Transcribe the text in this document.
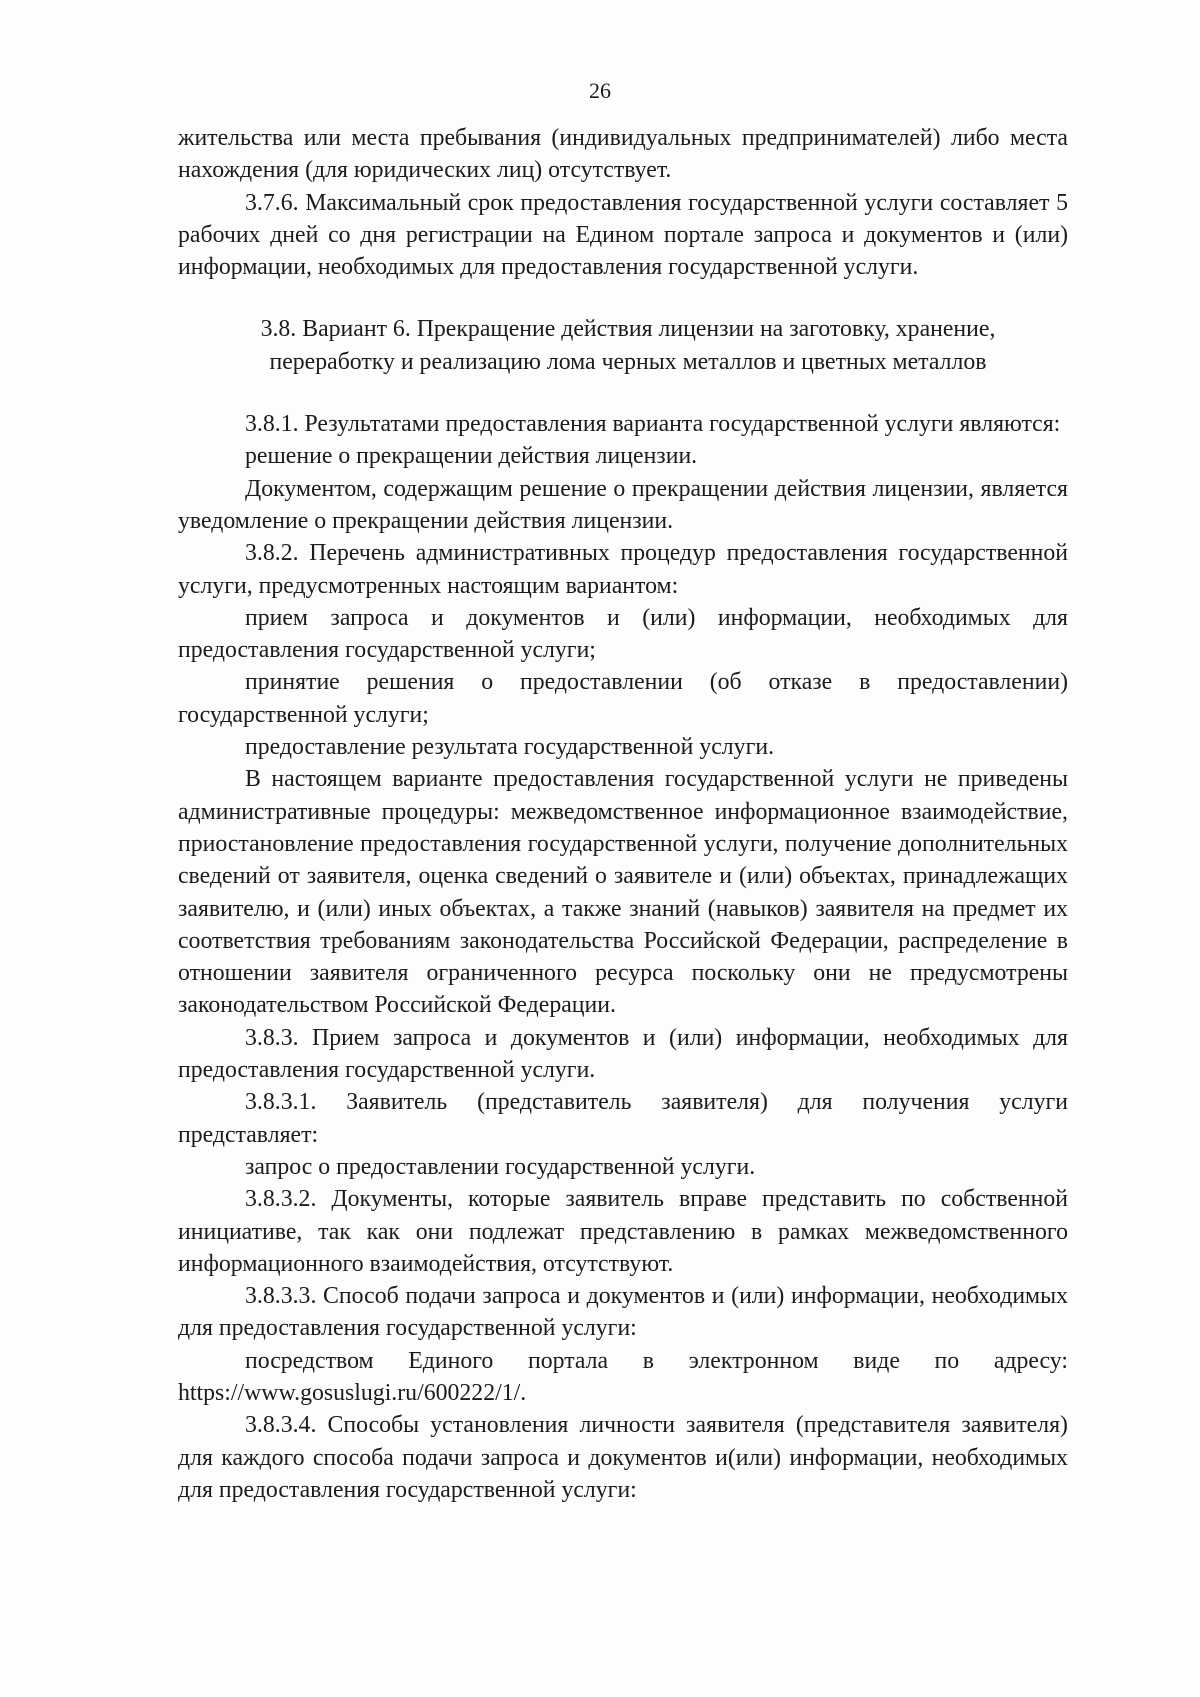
26

жительства или места пребывания (индивидуальных предпринимателей) либо места нахождения (для юридических лиц) отсутствует.

3.7.6. Максимальный срок предоставления государственной услуги составляет 5 рабочих дней со дня регистрации на Едином портале запроса и документов и (или) информации, необходимых для предоставления государственной услуги.

3.8. Вариант 6. Прекращение действия лицензии на заготовку, хранение,
переработку и реализацию лома черных металлов и цветных металлов

3.8.1. Результатами предоставления варианта государственной услуги являются:

решение о прекращении действия лицензии.

Документом, содержащим решение о прекращении действия лицензии, является уведомление о прекращении действия лицензии.

3.8.2. Перечень административных процедур предоставления государственной услуги, предусмотренных настоящим вариантом:

прием запроса и документов и (или) информации, необходимых для предоставления государственной услуги;

принятие решения о предоставлении (об отказе в предоставлении) государственной услуги;

предоставление результата государственной услуги.

В настоящем варианте предоставления государственной услуги не приведены административные процедуры: межведомственное информационное взаимодействие, приостановление предоставления государственной услуги, получение дополнительных сведений от заявителя, оценка сведений о заявителе и (или) объектах, принадлежащих заявителю, и (или) иных объектах, а также знаний (навыков) заявителя на предмет их соответствия требованиям законодательства Российской Федерации, распределение в отношении заявителя ограниченного ресурса поскольку они не предусмотрены законодательством Российской Федерации.

3.8.3. Прием запроса и документов и (или) информации, необходимых для предоставления государственной услуги.

3.8.3.1. Заявитель (представитель заявителя) для получения услуги представляет:

запрос о предоставлении государственной услуги.

3.8.3.2. Документы, которые заявитель вправе представить по собственной инициативе, так как они подлежат представлению в рамках межведомственного информационного взаимодействия, отсутствуют.

3.8.3.3. Способ подачи запроса и документов и (или) информации, необходимых для предоставления государственной услуги:

посредством Единого портала в электронном виде по адресу: https://www.gosuslugi.ru/600222/1/.

3.8.3.4. Способы установления личности заявителя (представителя заявителя) для каждого способа подачи запроса и документов и(или) информации, необходимых для предоставления государственной услуги:
